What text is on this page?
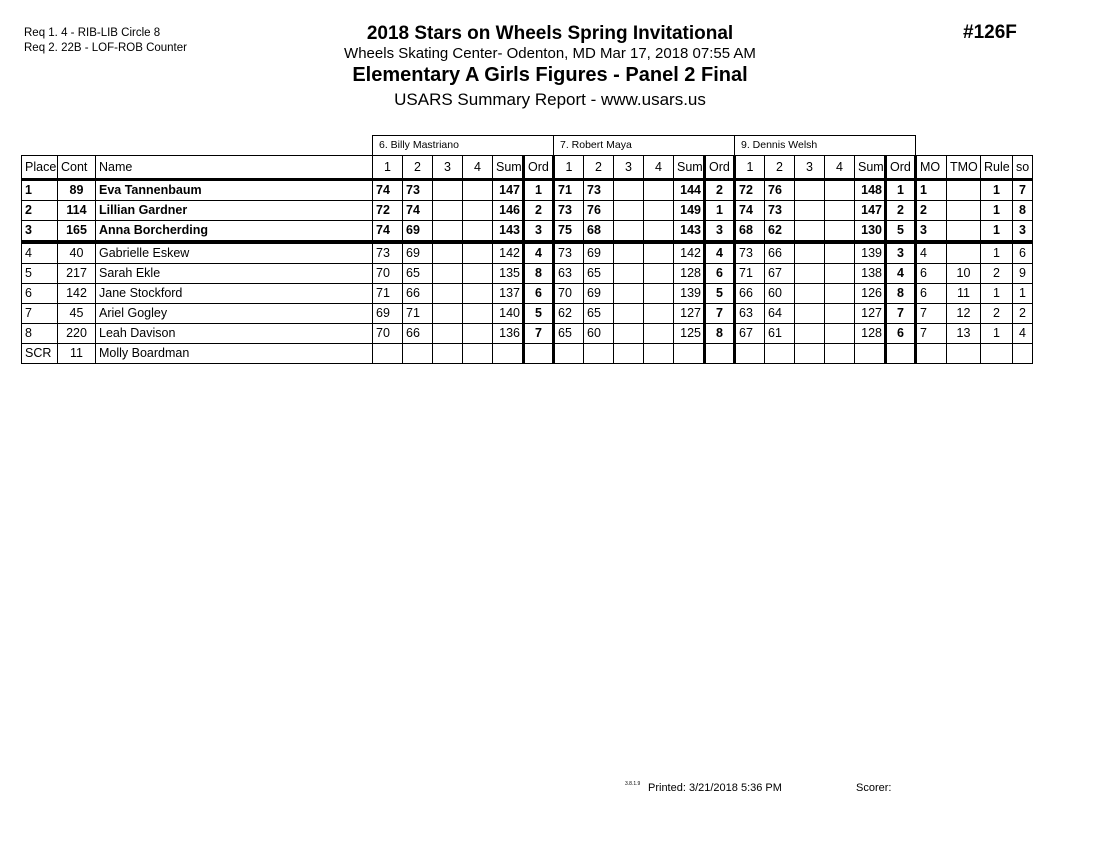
Req 1. 4 - RIB-LIB Circle 8
Req 2. 22B - LOF-ROB Counter
2018 Stars on Wheels Spring Invitational
Wheels Skating Center- Odenton, MD Mar 17, 2018 07:55 AM
Elementary A Girls Figures - Panel 2 Final
USARS Summary Report - www.usars.us
#126F
			6. Billy Mastriano						7. Robert Maya						9. Dennis Welsh									
Place	Cont	Name	1	2	3	4	Sum	Ord	1	2	3	4	Sum	Ord	1	2	3	4	Sum	Ord	MO	TMO	Rule	so
1	89	Eva Tannenbaum	74	73			147	1	71	73			144	2	72	76			148	1	1		1	7
2	114	Lillian Gardner	72	74			146	2	73	76			149	1	74	73			147	2	2		1	8
3	165	Anna Borcherding	74	69			143	3	75	68			143	3	68	62			130	5	3		1	3
4	40	Gabrielle Eskew	73	69			142	4	73	69			142	4	73	66			139	3	4		1	6
5	217	Sarah Ekle	70	65			135	8	63	65			128	6	71	67			138	4	6	10	2	9
6	142	Jane Stockford	71	66			137	6	70	69			139	5	66	60			126	8	6	11	1	1
7	45	Ariel Gogley	69	71			140	5	62	65			127	7	63	64			127	7	7	12	2	2
8	220	Leah Davison	70	66			136	7	65	60			125	8	67	61			128	6	7	13	1	4
SCR	11	Molly Boardman																						
3.8.1.9 Printed: 3/21/2018 5:36 PM	Scorer:
